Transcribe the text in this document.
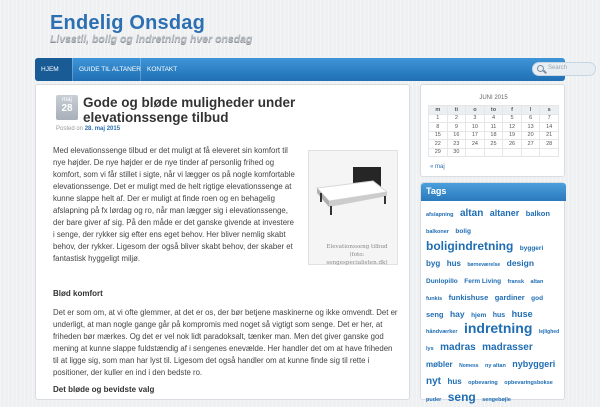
Endelig Onsdag
Livsstil, bolig og indretning hver onsdag
HJEM	GUIDE TIL ALTANER KONTAKT	Search
maj
28 Gode og bløde muligheder under elevationssenge tilbud
Posted on 28. maj 2015
Med elevationssenge tilbud er det muligt at få eleveret sin komfort til nye højder. De nye højder er de nye tinder af personlig frihed og komfort, som vi får stillet i sigte, når vi lægger os på nogle komfortable elevationssenge. Det er muligt med de helt rigtige elevationssenge at kunne slappe helt af. Der er muligt at finde roen og en behagelig afslapning på fx lørdag og ro, når man lægger sig i elevationssenge, der bare giver af sig. På den måde er det ganske givende at investere i senge, der rykker sig efter ens eget behov. Her bliver nemlig skabt behov, der rykker. Ligesom der også bliver skabt behov, der skaber et fantastisk hyggeligt miljø.
Elevationsseng tilbud (foto: sengespecialisten.dk)
Blød komfort
Det er som om, at vi ofte glemmer, at det er os, der bør betjene maskinerne og ikke omvendt. Det er underligt, at man nogle gange går på kompromis med noget så vigtigt som senge. Det er her, at friheden bør mærkes. Og det er vel nok lidt paradoksalt, tænker man. Men det giver ganske god mening at kunne slappe fuldstændig af i sengenes enevælde. Her handler det om at have friheden til at ligge sig, som man har lyst til. Ligesom det også handler om at kunne finde sig til rette i positioner, der kuller en ind i den bedste ro.
Det bløde og bevidste valg
JUNI 2015
m	ti	o	to	f	l	s
1	2	3	4	5	6	7
8	9	10	11	12	13	14
15	16	17	18	19	20	21
22	23	24	25	26	27	28
29	30					
« maj
Tags
afslapning altan altaner balkon balkoner bolig boligindretning byggeri byg hus børneværelse design Dunlopillo Ferm Living fransk altan funkis funkishuse gardiner god seng hay hjem hus huse håndværker indretning lejlighed lys madras madrasser møbler Nomess ny altan nybyggeri nyt hus opbevaring opbevaringsbokse puder seng sengebøjle
